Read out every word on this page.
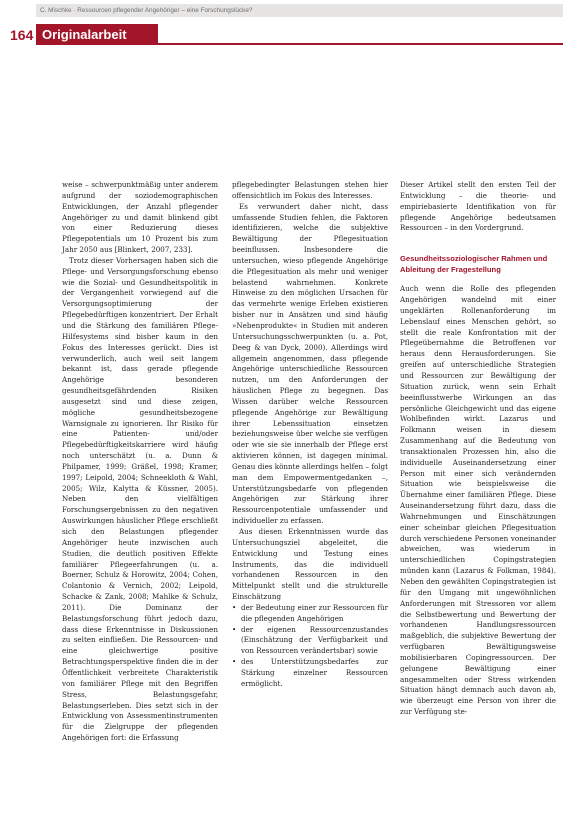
C. Mischke · Ressourcen pflegender Angehöriger – eine Forschungslücke?
164 Originalarbeit

weise – schwerpunktmäßig unter anderem aufgrund der soziodemographischen Entwicklungen, der Anzahl pflegender Angehöriger zu und damit blinkend gibt von einer Reduzierung dieses Pflegepotentials um 10 Prozent bis zum Jahr 2050 aus [Blinkert, 2007, 233].

Trotz dieser Vorhersagen haben sich die Pflege- und Versorgungsforschung ebenso wie die Sozial- und Gesundheitspolitik in der Vergangenheit vorwiegend auf die Versorgungsoptimierung der Pflegebedürftigen konzentriert. Der Erhalt und die Stärkung des familiären Pflege-Hilfesystems sind bisher kaum in den Fokus des Interesses gerückt. Dies ist verwunderlich, auch weil seit langem bekannt ist, dass gerade pflegende Angehörige besonderen gesundheitsgefährdenden Risiken ausgesetzt sind und diese zeigen, mögliche gesundheitsbezogene Warnsignale zu ignorieren. Ihr Risiko für eine Patienten- und/oder Pflegebedürftigkeitskarriere wird häufig noch unterschätzt (u. a. Dunn & Philpamer, 1999; Gräßel, 1998; Kramer, 1997; Leipold, 2004; Schneekloth & Wahl, 2005; Wilz, Kalytta & Küssner, 2005). Neben den vielfältigen Forschungsergebnissen zu den negativen Auswirkungen häuslicher Pflege erschließt sich den Belastungen pflegender Angehöriger heute inzwischen auch Studien, die deutlich positiven Effekte familiärer Pflegeerfahrungen (u. a. Boerner, Schulz & Horowitz, 2004; Cohen, Colantonio & Vernich, 2002; Leipold, Schacke & Zank, 2008; Mahlke & Schulz, 2011). Die Dominanz der Belastungsforschung führt jedoch dazu, dass diese Erkenntnisse in Diskussionen zu selten einfließen. Die Ressourcen- und eine gleichwertige positive Betrachtungsperspektive finden die in der Öffentlichkeit verbreitete Charakteristik von familiärer Pflege mit den Begriffen Stress, Belastungsgefahr, Belastungserleben. Dies setzt sich in der Entwicklung von Assessmentinstrumenten für die Zielgruppe der pflegenden Angehörigen fort: die Erfassung

pflegebedingter Belastungen stehen hier offensichtlich im Fokus des Interesses.

Es verwundert daher nicht, dass umfassende Studien fehlen, die Faktoren identifizieren, welche die subjektive Bewältigung der Pflegesituation beeinflussen. Insbesondere die untersuchen, wieso pflegende Angehörige die Pflegesituation als mehr und weniger belastend wahrnehmen. Konkrete Hinweise zu den möglichen Ursachen für das vermehrte wenige Erleben existieren bisher nur in Ansätzen und sind häufig »Nebenprodukte« in Studien mit anderen Untersuchungsschwerpunkten (u. a. Pot, Deeg & van Dyck, 2000). Allerdings wird allgemein angenommen, dass pflegende Angehörige unterschiedliche Ressourcen nutzen, um den Anforderungen der häuslichen Pflege zu begegnen. Das Wissen darüber welche Ressourcen pflegende Angehörige zur Bewältigung ihrer Lebenssituation einsetzen beziehungsweise über welche sie verfügen oder wie sie sie innerhalb der Pflege erst aktivieren können, ist dagegen minimal. Genau dies könnte allerdings helfen – folgt man dem Empowermentgedanken –, Unterstützungsbedarfe von pflegenden Angehörigen zur Stärkung ihrer Ressourcenpotentiale umfassender und individueller zu erfassen.

Aus diesen Erkenntnissen wurde das Untersuchungsziel abgeleitet, die Entwicklung und Testung eines Instruments, das die individuell vorhandenen Ressourcen in den Mittelpunkt stellt und die strukturelle Einschätzung

• der Bedeutung einer zur Ressourcen für die pflegenden Angehörigen
• der eigenen Ressourcenzustandes (Einschätzung der Verfügbarkeit und von Ressourcen verändertsbar) sowie
• des Unterstützungsbedarfes zur Stärkung einzelner Ressourcen ermöglicht.

Dieser Artikel stellt den ersten Teil der Entwicklung – die theorie- und empiriebasierte Identifikation von für pflegende Angehörige bedeutsamen Ressourcen – in den Vordergrund.

Gesundheitssoziologischer Rahmen und Ableitung der Fragestellung

Auch wenn die Rolle des pflegenden Angehörigen wandelnd mit einer ungeklärten Rollenanforderung im Lebenslauf eines Menschen gehört, so stellt die reale Konfrontation mit der Pflegeübernahme die Betroffenen vor heraus denn Herausforderungen. Sie greifen auf unterschiedliche Strategien und Ressourcen zur Bewältigung der Situation zurück, wenn sein Erhalt beeinflusstwerbe Wirkungen an das persönliche Gleichgewicht und das eigene Wohlbefinden wirkt. Lazarus und Folkmann weisen in diesem Zusammenhang auf die Bedeutung von transaktionalen Prozessen hin, also die individuelle Auseinandersetzung einer Person mit einer sich verändernden Situation wie beispielsweise die Übernahme einer familiären Pflege. Diese Auseinandersetzung führt dazu, dass die Wahrnehmungen und Einschätzungen einer scheinbar gleichen Pflegesituation durch verschiedene Personen voneinander abweichen, was wiederum in unterschiedlichen Copingstrategien münden kann (Lazarus & Folkman, 1984). Neben den gewählten Copingstrategien ist für den Umgang mit ungewöhnlichen Anforderungen mit Stressoren vor allem die Selbstbewertung und Bewertung der vorhandenen Handlungsressourcen maßgeblich, die subjektive Bewertung der verfügbaren Bewältigungsweise mobilisierbaren Copingressourcen. Der gelungene Bewältigung einer angesammelten oder Stress wirkenden Situation hängt demnach auch davon ab, wie überzeugt eine Person von ihrer die zur Verfügung ste-
